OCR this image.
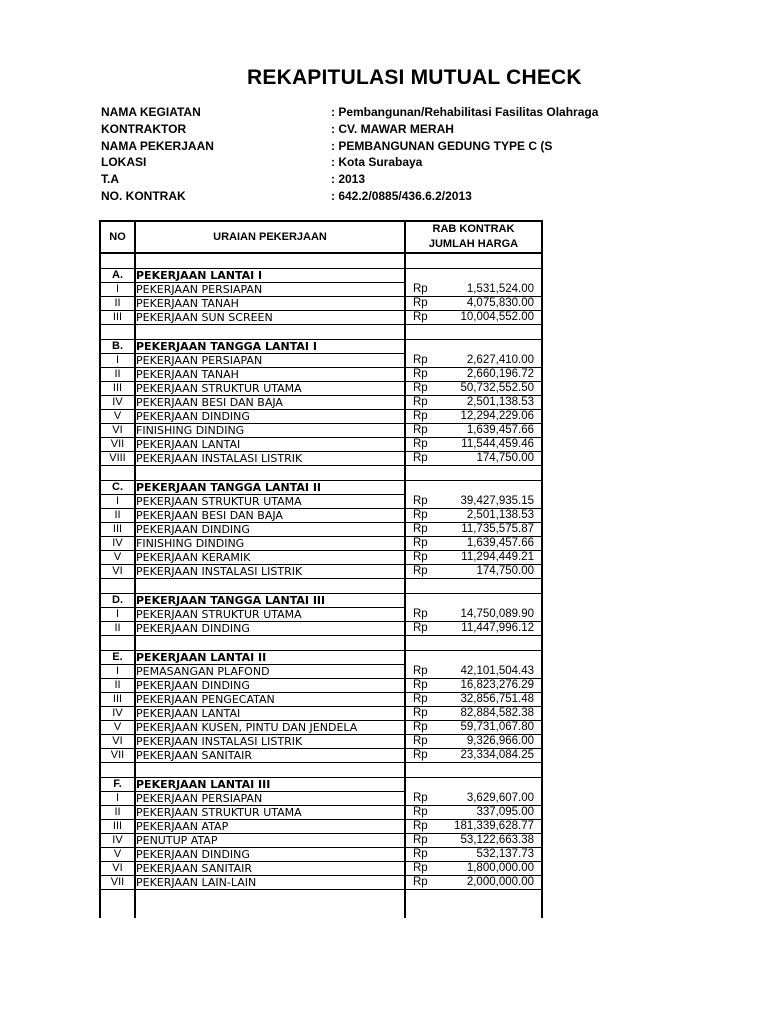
REKAPITULASI MUTUAL CHECK
NAMA KEGIATAN	: Pembangunan/Rehabilitasi Fasilitas Olahraga
KONTRAKTOR	: CV. MAWAR MERAH
NAMA PEKERJAAN	: PEMBANGUNAN GEDUNG TYPE C (S
LOKASI	: Kota Surabaya
T.A	: 2013
NO. KONTRAK	: 642.2/0885/436.6.2/2013
NO	URAIAN PEKERJAAN	RAB KONTRAK
JUMLAH HARGA

A.	PEKERJAAN LANTAI I	
I	PEKERJAAN PERSIAPAN	Rp 1,531,524.00

II	PEKERJAAN TANAH	Rp 4,075,830.00

III	PEKERJAAN SUN SCREEN	Rp 10,004,552.00

B.	PEKERJAAN TANGGA LANTAI I	
I	PEKERJAAN PERSIAPAN	Rp 2,627,410.00

II	PEKERJAAN TANAH	Rp 2,660,196.72

III	PEKERJAAN STRUKTUR UTAMA	Rp 50,732,552.50

IV	PEKERJAAN BESI DAN BAJA	Rp 2,501,138.53

V	PEKERJAAN DINDING	Rp 12,294,229.06

VI	FINISHING DINDING	Rp 1,639,457.66

VII	PEKERJAAN LANTAI	Rp 11,544,459.46

VIII	PEKERJAAN INSTALASI LISTRIK	Rp 174,750.00

C.	PEKERJAAN TANGGA LANTAI II	
I	PEKERJAAN STRUKTUR UTAMA	Rp 39,427,935.15

II	PEKERJAAN BESI DAN BAJA	Rp 2,501,138.53

III	PEKERJAAN DINDING	Rp 11,735,575.87

IV	FINISHING DINDING	Rp 1,639,457.66

V	PEKERJAAN KERAMIK	Rp 11,294,449.21

VI	PEKERJAAN INSTALASI LISTRIK	Rp 174,750.00

D.	PEKERJAAN TANGGA LANTAI III	
I	PEKERJAAN STRUKTUR UTAMA	Rp 14,750,089.90

II	PEKERJAAN DINDING	Rp 11,447,996.12

E.	PEKERJAAN LANTAI II	
I	PEMASANGAN PLAFOND	Rp 42,101,504.43

II	PEKERJAAN DINDING	Rp 16,823,276.29

III	PEKERJAAN PENGECATAN	Rp 32,856,751.48

IV	PEKERJAAN LANTAI	Rp 82,884,582.38

V	PEKERJAAN KUSEN, PINTU DAN JENDELA	Rp 59,731,067.80

VI	PEKERJAAN INSTALASI LISTRIK	Rp 9,326,966.00

VII	PEKERJAAN SANITAIR	Rp 23,334,084.25

F.	PEKERJAAN LANTAI III	
I	PEKERJAAN PERSIAPAN	Rp 3,629,607.00

II	PEKERJAAN STRUKTUR UTAMA	Rp 337,095.00

III	PEKERJAAN ATAP	Rp 181,339,628.77

IV	PENUTUP ATAP	Rp 53,122,663.38

V	PEKERJAAN DINDING	Rp 532,137.73

VI	PEKERJAAN SANITAIR	Rp 1,800,000.00

VII	PEKERJAAN LAIN-LAIN	Rp 2,000,000.00
